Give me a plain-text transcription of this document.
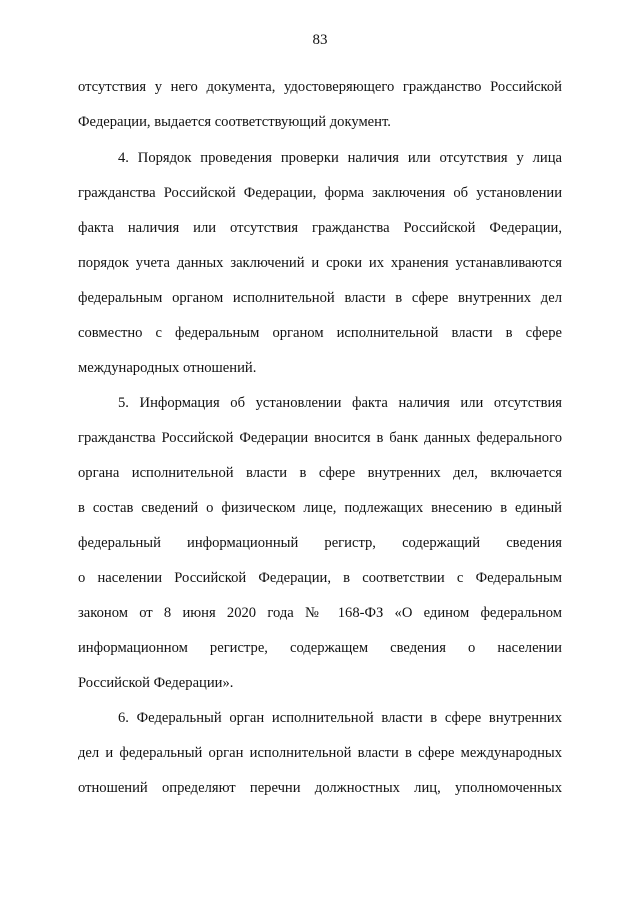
83
отсутствия у него документа, удостоверяющего гражданство Российской
Федерации, выдается соответствующий документ.
4. Порядок проведения проверки наличия или отсутствия у лица
гражданства Российской Федерации, форма заключения об установлении
факта наличия или отсутствия гражданства Российской Федерации,
порядок учета данных заключений и сроки их хранения устанавливаются
федеральным органом исполнительной власти в сфере внутренних дел
совместно с федеральным органом исполнительной власти в сфере
международных отношений.
5. Информация об установлении факта наличия или отсутствия
гражданства Российской Федерации вносится в банк данных федерального
органа исполнительной власти в сфере внутренних дел, включается
в состав сведений о физическом лице, подлежащих внесению в единый
федеральный информационный регистр, содержащий сведения
о населении Российской Федерации, в соответствии с Федеральным
законом от 8 июня 2020 года № 168-ФЗ «О едином федеральном
информационном регистре, содержащем сведения о населении
Российской Федерации».
6. Федеральный орган исполнительной власти в сфере внутренних
дел и федеральный орган исполнительной власти в сфере международных
отношений определяют перечни должностных лиц, уполномоченных
